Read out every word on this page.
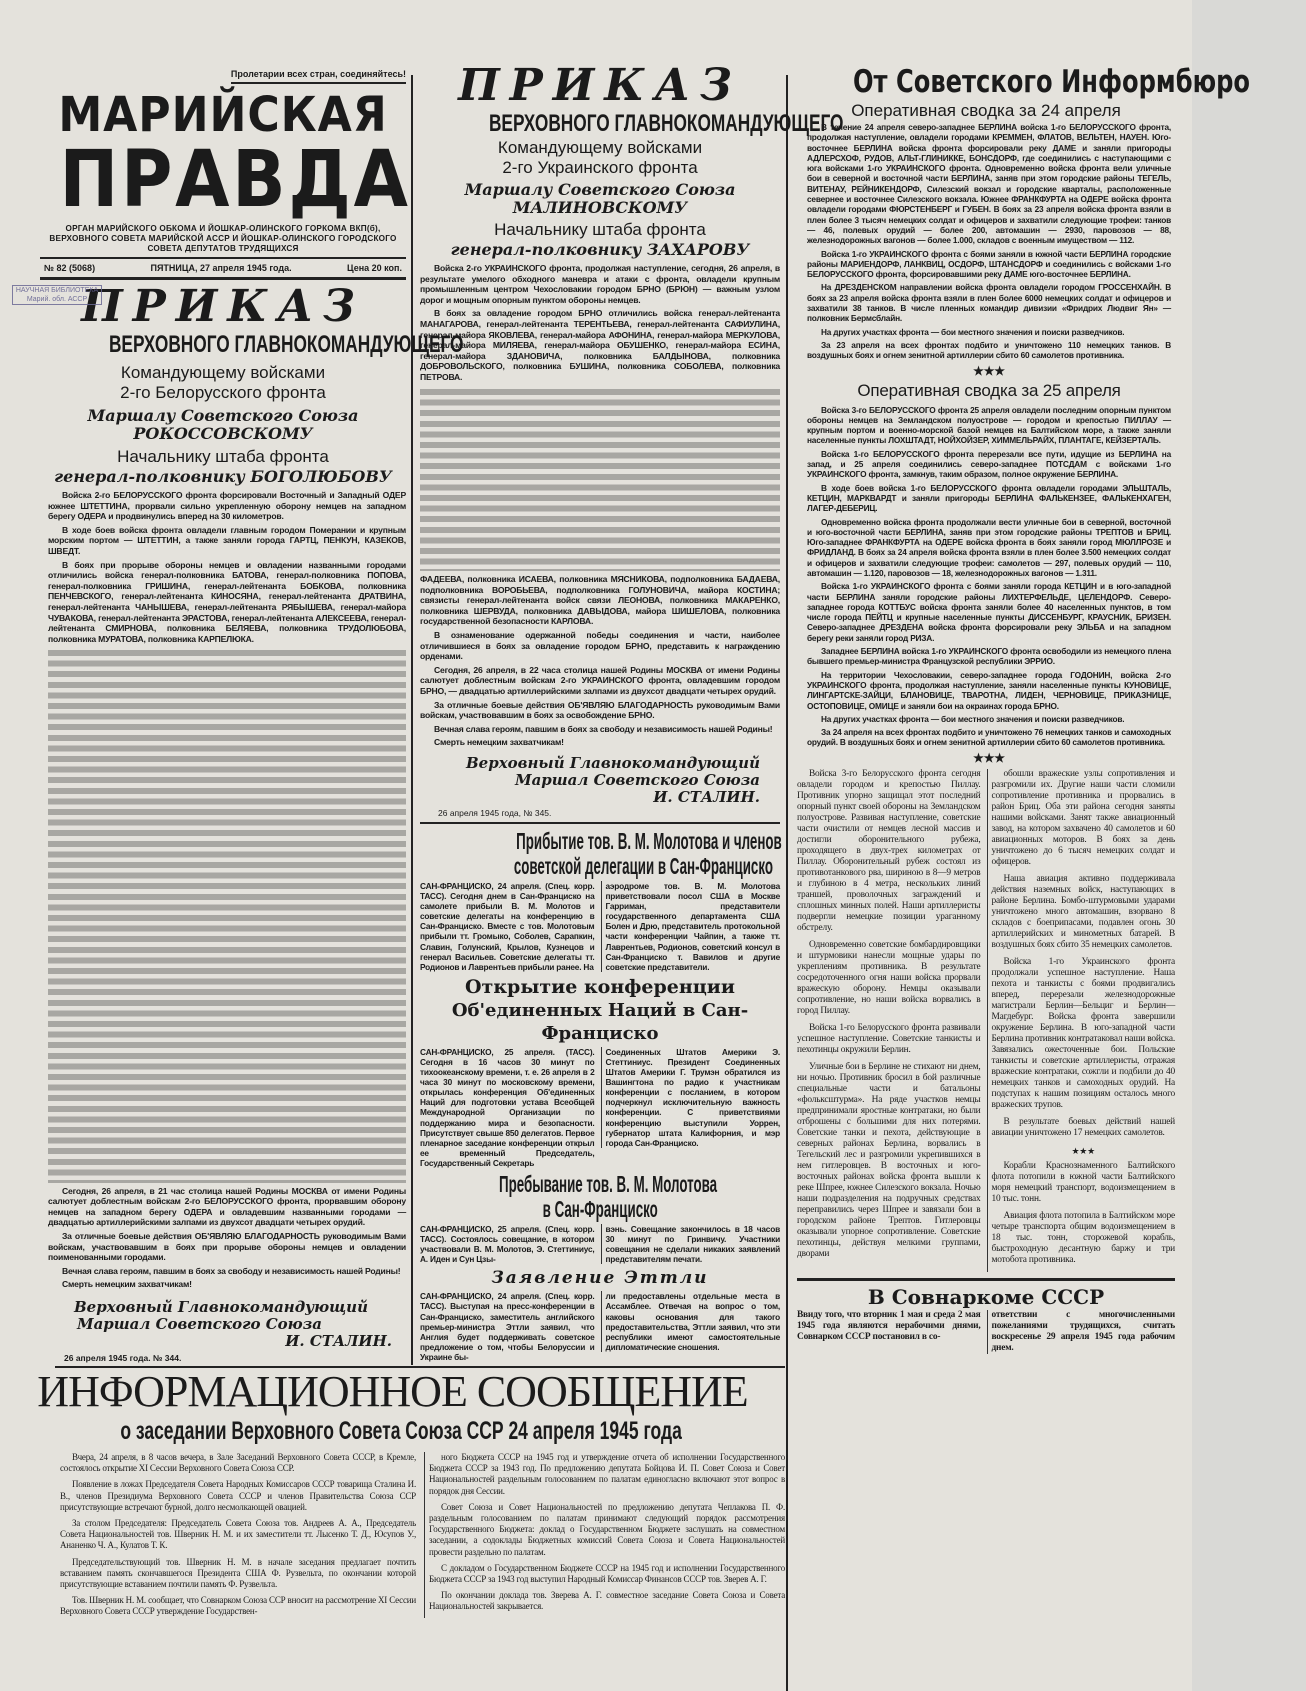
Пролетарии всех стран, соединяйтесь!
МАРИЙСКАЯ
ПРАВДА
ОРГАН МАРИЙСКОГО ОБКОМА И ЙОШКАР-ОЛИНСКОГО ГОРКОМА ВКП(б), ВЕРХОВНОГО СОВЕТА МАРИЙСКОЙ АССР И ЙОШКАР-ОЛИНСКОГО ГОРОДСКОГО СОВЕТА ДЕПУТАТОВ ТРУДЯЩИХСЯ
№ 82 (5068)	ПЯТНИЦА, 27 апреля 1945 года.	Цена 20 коп.
НАУЧНАЯ БИБЛИОТЕКА
Марий. обл. АССР
ПРИКАЗ
ВЕРХОВНОГО ГЛАВНОКОМАНДУЮЩЕГО
Командующему войсками
2-го Белорусского фронта
Маршалу Советского Союза
РОКОССОВСКОМУ
Начальнику штаба фронта
генерал-полковнику БОГОЛЮБОВУ

Войска 2-го БЕЛОРУССКОГО фронта форсировали Восточный и Западный ОДЕР южнее ШТЕТТИНА, прорвали сильно укрепленную оборону немцев на западном берегу ОДЕРА и продвинулись вперед на 30 километров.

В ходе боев войска фронта овладели главным городом Померании и крупным морским портом — ШТЕТТИН, а также заняли города ГАРТЦ, ПЕНКУН, КАЗЕКОВ, ШВЕДТ.

В боях при прорыве обороны немцев и овладении названными городами отличились войска генерал-полковника БАТОВА, генерал-полковника ПОПОВА, генерал-полковника ГРИШИНА, генерал-лейтенанта БОБКОВА, полковника ПЕНЧЕВСКОГО, генерал-лейтенанта КИНОСЯНА, генерал-лейтенанта ДРАТВИНА, генерал-лейтенанта ЧАНЫШЕВА, генерал-лейтенанта РЯБЫШЕВА, генерал-майора ЧУВАКОВА, генерал-лейтенанта ЭРАСТОВА, генерал-лейтенанта АЛЕКСЕЕВА, генерал-лейтенанта СМИРНОВА, полковника БЕЛЯЕВА, полковника ТРУДОЛЮБОВА, полковника МУРАТОВА, полковника КАРПЕЛЮКА.

Сегодня, 26 апреля, в 21 час столица нашей Родины МОСКВА от имени Родины салютует доблестным войскам 2-го БЕЛОРУССКОГО фронта, прорвавшим оборону немцев на западном берегу ОДЕРА и овладевшим названными городами — двадцатью артиллерийскими залпами из двухсот двадцати четырех орудий.

За отличные боевые действия ОБ'ЯВЛЯЮ БЛАГОДАРНОСТЬ руководимым Вами войскам, участвовавшим в боях при прорыве обороны немцев и овладении поименованными городами.

Вечная слава героям, павшим в боях за свободу и независимость нашей Родины!

Смерть немецким захватчикам!

Верховный Главнокомандующий
Маршал Советского Союза
И. СТАЛИН.
26 апреля 1945 года. № 344.
ПРИКАЗ
ВЕРХОВНОГО ГЛАВНОКОМАНДУЮЩЕГО
Командующему войсками
2-го Украинского фронта
Маршалу Советского Союза
МАЛИНОВСКОМУ
Начальнику штаба фронта
генерал-полковнику ЗАХАРОВУ

Войска 2-го УКРАИНСКОГО фронта, продолжая наступление, сегодня, 26 апреля, в результате умелого обходного маневра и атаки с фронта, овладели крупным промышленным центром Чехословакии городом БРНО (БРЮН) — важным узлом дорог и мощным опорным пунктом обороны немцев.

В боях за овладение городом БРНО отличились войска генерал-лейтенанта МАНАГАРОВА, генерал-лейтенанта ТЕРЕНТЬЕВА, генерал-лейтенанта САФИУЛИНА, генерал-майора ЯКОВЛЕВА, генерал-майора АФОНИНА, генерал-майора МЕРКУЛОВА, генерал-майора МИЛЯЕВА, генерал-майора ОБУШЕНКО, генерал-майора ЕСИНА, генерал-майора ЗДАНОВИЧА, полковника БАЛДЫНОВА, полковника ДОБРОВОЛЬСКОГО, полковника БУШИНА, полковника СОБОЛЕВА, полковника ПЕТРОВА.

ФАДЕЕВА, полковника ИСАЕВА, полковника МЯСНИКОВА, подполковника БАДАЕВА, подполковника ВОРОБЬЕВА, подполковника ГОЛУНОВИЧА, майора КОСТИНА; связисты генерал-лейтенанта войск связи ЛЕОНОВА, полковника МАКАРЕНКО, полковника ШЕРВУДА, полковника ДАВЫДОВА, майора ШИШЕЛОВА, полковника государственной безопасности КАРЛОВА.

В ознаменование одержанной победы соединения и части, наиболее отличившиеся в боях за овладение городом БРНО, представить к награждению орденами.

Сегодня, 26 апреля, в 22 часа столица нашей Родины МОСКВА от имени Родины салютует доблестным войскам 2-го УКРАИНСКОГО фронта, овладевшим городом БРНО, — двадцатью артиллерийскими залпами из двухсот двадцати четырех орудий.

За отличные боевые действия ОБ'ЯВЛЯЮ БЛАГОДАРНОСТЬ руководимым Вами войскам, участвовавшим в боях за освобождение БРНО.

Вечная слава героям, павшим в боях за свободу и независимость нашей Родины!

Смерть немецким захватчикам!

Верховный Главнокомандующий
Маршал Советского Союза
И. СТАЛИН.
26 апреля 1945 года, № 345.
Прибытие тов. В. М. Молотова и членов
советской делегации в Сан-Франциско
САН-ФРАНЦИСКО, 24 апреля. (Спец. корр. ТАСС). Сегодня днем в Сан-Франциско на самолете прибыли В. М. Молотов и советские делегаты на конференцию в Сан-Франциско. Вместе с тов. Молотовым прибыли тт. Громыко, Соболев, Сарапкин, Славин, Голунский, Крылов, Кузнецов и генерал Васильев. Советские делегаты тт. Родионов и Лаврентьев прибыли ранее. На
аэродроме тов. В. М. Молотова приветствовали посол США в Москве Гарриман, представители государственного департамента США Болен и Дрю, представитель протокольной части конференции Чайпин, а также тт. Лаврентьев, Родионов, советский консул в Сан-Франциско т. Вавилов и другие советские представители.
Открытие конференции
Об'единенных Наций в Сан-Франциско
САН-ФРАНЦИСКО, 25 апреля. (ТАСС). Сегодня в 16 часов 30 минут по тихоокеанскому времени, т. е. 26 апреля в 2 часа 30 минут по московскому времени, открылась конференция Об'единенных Наций для подготовки устава Всеобщей Международной Организации по поддержанию мира и безопасности. Присутствует свыше 850 делегатов. Первое пленарное заседание конференции открыл ее временный Председатель, Государственный Секретарь
Соединенных Штатов Америки Э. Стеттиниус. Президент Соединенных Штатов Америки Г. Трумэн обратился из Вашингтона по радио к участникам конференции с посланием, в котором подчеркнул исключительную важность конференции. С приветствиями конференцию выступили Уоррен, губернатор штата Калифорния, и мэр города Сан-Франциско.
Пребывание тов. В. М. Молотова
в Сан-Франциско
САН-ФРАНЦИСКО, 25 апреля. (Спец. корр. ТАСС). Состоялось совещание, в котором участвовали В. М. Молотов, Э. Стеттиниус, А. Иден и Сун Цзы-
вэнь. Совещание закончилось в 18 часов 30 минут по Гринвичу. Участники совещания не сделали никаких заявлений представителям печати.
Заявление Эттли
САН-ФРАНЦИСКО, 24 апреля. (Спец. корр. ТАСС). Выступая на пресс-конференции в Сан-Франциско, заместитель английского премьер-министра Эттли заявил, что Англия будет поддерживать советское предложение о том, чтобы Белоруссии и Украине бы-
ли предоставлены отдельные места в Ассамблее. Отвечая на вопрос о том, каковы основания для такого предоставительства, Эттли заявил, что эти республики имеют самостоятельные дипломатические сношения.
От Советского Информбюро
Оперативная сводка за 24 апреля

В течение 24 апреля северо-западнее БЕРЛИНА войска 1-го БЕЛОРУССКОГО фронта, продолжая наступление, овладели городами КРЕММЕН, ФЛАТОВ, ВЕЛЬТЕН, НАУЕН. Юго-восточнее БЕРЛИНА войска фронта форсировали реку ДАМЕ и заняли пригороды АДЛЕРСХОФ, РУДОВ, АЛЬТ-ГЛИНИККЕ, БОНСДОРФ, где соединились с наступающими с юга войсками 1-го УКРАИНСКОГО фронта. Одновременно войска фронта вели уличные бои в северной и восточной части БЕРЛИНА, заняв при этом городские районы ТЕГЕЛЬ, ВИТЕНАУ, РЕЙНИКЕНДОРФ, Силезский вокзал и городские кварталы, расположенные севернее и восточнее Силезского вокзала. Южнее ФРАНКФУРТА на ОДЕРЕ войска фронта овладели городами ФЮРСТЕНБЕРГ и ГУБЕН. В боях за 23 апреля войска фронта взяли в плен более 3 тысяч немецких солдат и офицеров и захватили следующие трофеи: танков — 46, полевых орудий — более 200, автомашин — 2930, паровозов — 88, железнодорожных вагонов — более 1.000, складов с военным имуществом — 112.

Войска 1-го УКРАИНСКОГО фронта с боями заняли в южной части БЕРЛИНА городские районы МАРИЕНДОРФ, ЛАНКВИЦ, ОСДОРФ, ШТАНСДОРФ и соединились с войсками 1-го БЕЛОРУССКОГО фронта, форсировавшими реку ДАМЕ юго-восточнее БЕРЛИНА.

На ДРЕЗДЕНСКОМ направлении войска фронта овладели городом ГРОССЕНХАЙН. В боях за 23 апреля войска фронта взяли в плен более 6000 немецких солдат и офицеров и захватили 38 танков. В числе пленных командир дивизии «Фридрих Людвиг Ян» — полковник Бермсблайн.

На других участках фронта — бои местного значения и поиски разведчиков.

За 23 апреля на всех фронтах подбито и уничтожено 110 немецких танков. В воздушных боях и огнем зенитной артиллерии сбито 60 самолетов противника.

★★★
Оперативная сводка за 25 апреля

Войска 3-го БЕЛОРУССКОГО фронта 25 апреля овладели последним опорным пунктом обороны немцев на Земландском полуострове — городом и крепостью ПИЛЛАУ — крупным портом и военно-морской базой немцев на Балтийском море, а также заняли населенные пункты ЛОХШТАДТ, НОЙХОЙЗЕР, ХИММЕЛЬРАЙХ, ПЛАНТАГЕ, КЕЙЗЕРТАЛЬ.

Войска 1-го БЕЛОРУССКОГО фронта перерезали все пути, идущие из БЕРЛИНА на запад, и 25 апреля соединились северо-западнее ПОТСДАМ с войсками 1-го УКРАИНСКОГО фронта, замкнув, таким образом, полное окружение БЕРЛИНА.

В ходе боев войска 1-го БЕЛОРУССКОГО фронта овладели городами ЭЛЬШТАЛЬ, КЕТЦИН, МАРКВАРДТ и заняли пригороды БЕРЛИНА ФАЛЬКЕНЗЕЕ, ФАЛЬКЕНХАГЕН, ЛАГЕР-ДЕБЕРИЦ.

Одновременно войска фронта продолжали вести уличные бои в северной, восточной и юго-восточной части БЕРЛИНА, заняв при этом городские районы ТРЕПТОВ и БРИЦ. Юго-западнее ФРАНКФУРТА на ОДЕРЕ войска фронта в боях заняли город МЮЛЛРОЗЕ и ФРИДЛАНД. В боях за 24 апреля войска фронта взяли в плен более 3.500 немецких солдат и офицеров и захватили следующие трофеи: самолетов — 297, полевых орудий — 110, автомашин — 1.120, паровозов — 18, железнодорожных вагонов — 1.311.

Войска 1-го УКРАИНСКОГО фронта с боями заняли города КЕТЦИН и в юго-западной части БЕРЛИНА заняли городские районы ЛИХТЕРФЕЛЬДЕ, ЦЕЛЕНДОРФ. Северо-западнее города КОТТБУС войска фронта заняли более 40 населенных пунктов, в том числе города ПЕЙТЦ и крупные населенные пункты ДИССЕНБУРГ, КРАУСНИК, БРИЗЕН. Северо-западнее ДРЕЗДЕНА войска фронта форсировали реку ЭЛЬБА и на западном берегу реки заняли город РИЗА.

Западнее БЕРЛИНА войска 1-го УКРАИНСКОГО фронта освободили из немецкого плена бывшего премьер-министра Французской республики ЭРРИО.

На территории Чехословакии, северо-западнее города ГОДОНИН, войска 2-го УКРАИНСКОГО фронта, продолжая наступление, заняли населенные пункты КУНОВИЦЕ, ЛИНГАРТСКЕ-ЗАЙЦИ, БЛАНОВИЦЕ, ТВАРОТНА, ЛИДЕН, ЧЕРНОВИЦЕ, ПРИКАЗНИЦЕ, ОСТОПОВИЦЕ, ОМИЦЕ и заняли бои на окраинах города БРНО.

На других участках фронта — бои местного значения и поиски разведчиков.

За 24 апреля на всех фронтах подбито и уничтожено 76 немецких танков и самоходных орудий. В воздушных боях и огнем зенитной артиллерии сбито 60 самолетов противника.

★★★

Войска 3-го Белорусского фронта сегодня овладели городом и крепостью Пиллау. Противник упорно защищал этот последний опорный пункт своей обороны на Земландском полуострове. Развивая наступление, советские части очистили от немцев лесной массив и достигли оборонительного рубежа, проходящего в двух-трех километрах от Пиллау. Оборонительный рубеж состоял из противотанкового рва, шириною в 8—9 метров и глубиною в 4 метра, нескольких линий траншей, проволочных заграждений и сплошных минных полей. Наши артиллеристы подвергли немецкие позиции ураганному обстрелу.

Одновременно советские бомбардировщики и штурмовики нанесли мощные удары по укреплениям противника. В результате сосредоточенного огня наши войска прорвали вражескую оборону. Немцы оказывали сопротивление, но наши войска ворвались в город Пиллау.

Войска 1-го Белорусского фронта развивали успешное наступление. Советские танкисты и пехотинцы окружили Берлин.

Уличные бои в Берлине не стихают ни днем, ни ночью. Противник бросил в бой различные специальные части и батальоны «фольксштурма». На ряде участков немцы предпринимали яростные контратаки, но были отброшены с большими для них потерями. Советские танки и пехота, действующие в северных районах Берлина, ворвались в Тегельский лес и разгромили укрепившихся в нем гитлеровцев. В восточных и юго-восточных районах войска фронта вышли к реке Шпрее, южнее Силезского вокзала. Ночью наши подразделения на подручных средствах переправились через Шпрее и завязали бои в городском районе Трептов. Гитлеровцы оказывали упорное сопротивление. Советские пехотинцы, действуя мелкими группами, дворами

обошли вражеские узлы сопротивления и разгромили их. Другие наши части сломили сопротивление противника и прорвались в район Бриц. Оба эти района сегодня заняты нашими войсками. Занят также авиационный завод, на котором захвачено 40 самолетов и 60 авиационных моторов. В боях за день уничтожено до 6 тысяч немецких солдат и офицеров.

Наша авиация активно поддерживала действия наземных войск, наступающих в районе Берлина. Бомбо-штурмовыми ударами уничтожено много автомашин, взорвано 8 складов с боеприпасами, подавлен огонь 30 артиллерийских и минометных батарей. В воздушных боях сбито 35 немецких самолетов.

Войска 1-го Украинского фронта продолжали успешное наступление. Наша пехота и танкисты с боями продвигались вперед, перерезали железнодорожные магистрали Берлин—Бельциг и Берлин—Магдебург. Войска фронта завершили окружение Берлина. В юго-западной части Берлина противник контратаковал наши войска. Завязались ожесточенные бои. Польские танкисты и советские артиллеристы, отражая вражеские контратаки, сожгли и подбили до 40 немецких танков и самоходных орудий. На подступах к нашим позициям осталось много вражеских трупов.

В результате боевых действий нашей авиации уничтожено 17 немецких самолетов.

★★★

Корабли Краснознаменного Балтийского флота потопили в южной части Балтийского моря немецкий транспорт, водоизмещением в 10 тыс. тонн.

Авиация флота потопила в Балтийском море четыре транспорта общим водоизмещением в 18 тыс. тонн, сторожевой корабль, быстроходную десантную баржу и три мотобота противника.

В Совнаркоме СССР
Ввиду того, что вторник 1 мая и среда 2 мая 1945 года являются нерабочими днями, Совнарком СССР постановил в со-
ответствии с многочисленными пожеланиями трудящихся, считать воскресенье 29 апреля 1945 года рабочим днем.
ИНФОРМАЦИОННОЕ СООБЩЕНИЕ
о заседании Верховного Совета Союза ССР 24 апреля 1945 года

Вчера, 24 апреля, в 8 часов вечера, в Зале Заседаний Верховного Совета СССР, в Кремле, состоялось открытие XI Сессии Верховного Совета Союза ССР.

Появление в ложах Председателя Совета Народных Комиссаров СССР товарища Сталина И. В., членов Президиума Верховного Совета СССР и членов Правительства Союза ССР присутствующие встречают бурной, долго несмолкающей овацией.

За столом Председателя: Председатель Совета Союза тов. Андреев А. А., Председатель Совета Национальностей тов. Шверник Н. М. и их заместители тт. Лысенко Т. Д., Юсупов У., Ананенко Ч. А., Кулатов Т. К.

Председательствующий тов. Шверник Н. М. в начале заседания предлагает почтить вставанием память скончавшегося Президента США Ф. Рузвельта, по окончании которой присутствующие вставанием почтили память Ф. Рузвельта.

Тов. Шверник Н. М. сообщает, что Совнарком Союза ССР вносит на рассмотрение XI Сессии Верховного Совета СССР утверждение Государствен-

ного Бюджета СССР на 1945 год и утверждение отчета об исполнении Государственного Бюджета СССР за 1943 год. По предложению депутата Бойцова И. П. Совет Союза и Совет Национальностей раздельным голосованием по палатам единогласно включают этот вопрос в порядок дня Сессии.

Совет Союза и Совет Национальностей по предложению депутата Чеплакова П. Ф. раздельным голосованием по палатам принимают следующий порядок рассмотрения Государственного Бюджета: доклад о Государственном Бюджете заслушать на совместном заседании, а содоклады Бюджетных комиссий Совета Союза и Совета Национальностей провести раздельно по палатам.

С докладом о Государственном Бюджете СССР на 1945 год и исполнении Государственного Бюджета СССР за 1943 год выступил Народный Комиссар Финансов СССР тов. Зверев А. Г.

По окончании доклада тов. Зверева А. Г. совместное заседание Совета Союза и Совета Национальностей закрывается.
